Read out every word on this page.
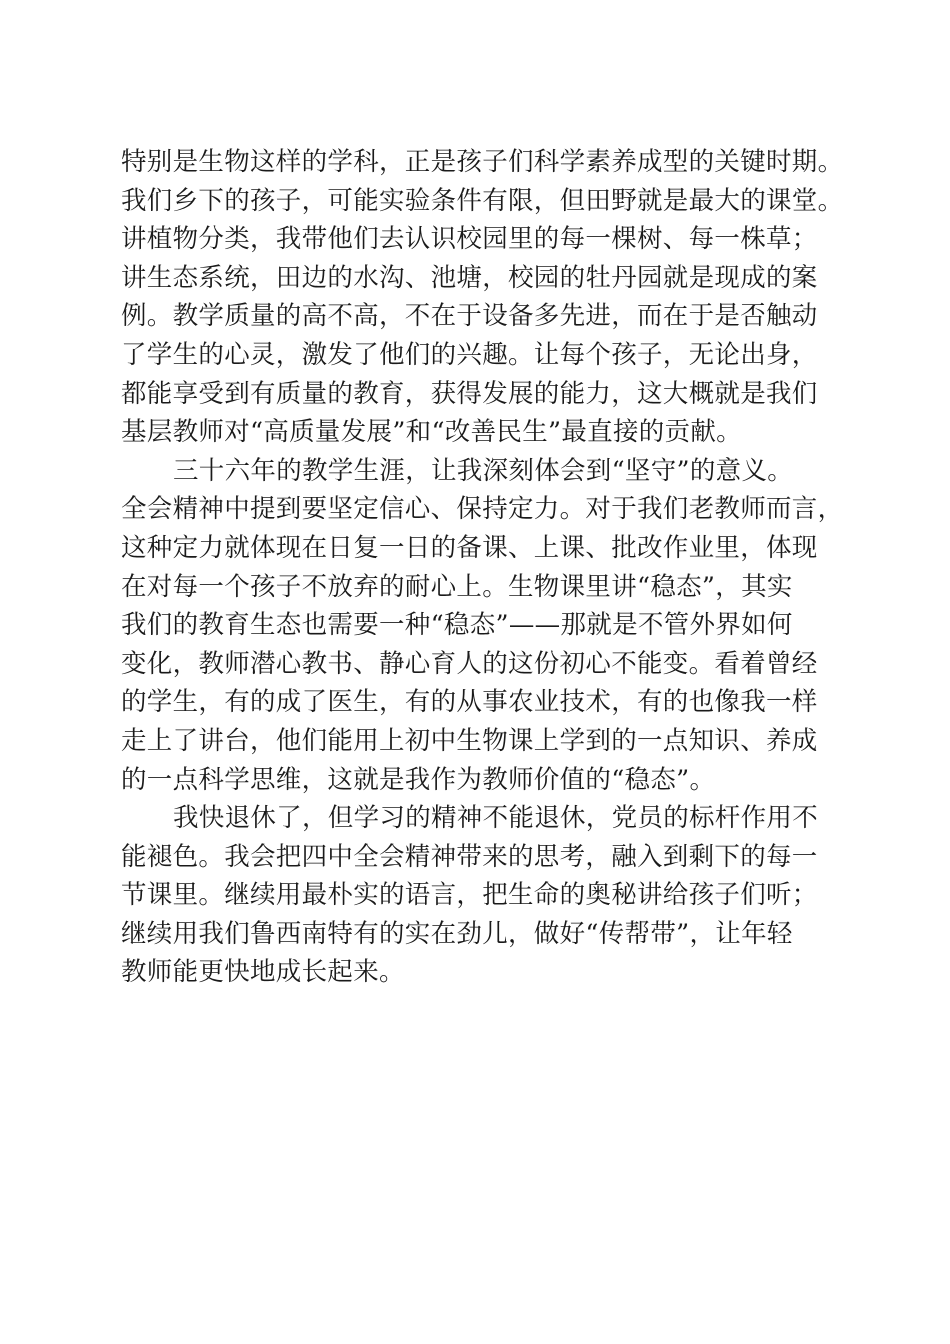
特别是生物这样的学科，正是孩子们科学素养成型的关键时期。
我们乡下的孩子，可能实验条件有限，但田野就是最大的课堂。
讲植物分类，我带他们去认识校园里的每一棵树、每一株草；
讲生态系统，田边的水沟、池塘，校园的牡丹园就是现成的案
例。教学质量的高不高，不在于设备多先进，而在于是否触动
了学生的心灵，激发了他们的兴趣。让每个孩子，无论出身，
都能享受到有质量的教育，获得发展的能力，这大概就是我们
基层教师对“高质量发展”和“改善民生”最直接的贡献。
三十六年的教学生涯，让我深刻体会到“坚守”的意义。
全会精神中提到要坚定信心、保持定力。对于我们老教师而言，
这种定力就体现在日复一日的备课、上课、批改作业里，体现
在对每一个孩子不放弃的耐心上。生物课里讲“稳态”，其实
我们的教育生态也需要一种“稳态”——那就是不管外界如何
变化，教师潜心教书、静心育人的这份初心不能变。看着曾经
的学生，有的成了医生，有的从事农业技术，有的也像我一样
走上了讲台，他们能用上初中生物课上学到的一点知识、养成
的一点科学思维，这就是我作为教师价值的“稳态”。
我快退休了，但学习的精神不能退休，党员的标杆作用不
能褪色。我会把四中全会精神带来的思考，融入到剩下的每一
节课里。继续用最朴实的语言，把生命的奥秘讲给孩子们听；
继续用我们鲁西南特有的实在劲儿，做好“传帮带”，让年轻
教师能更快地成长起来。
